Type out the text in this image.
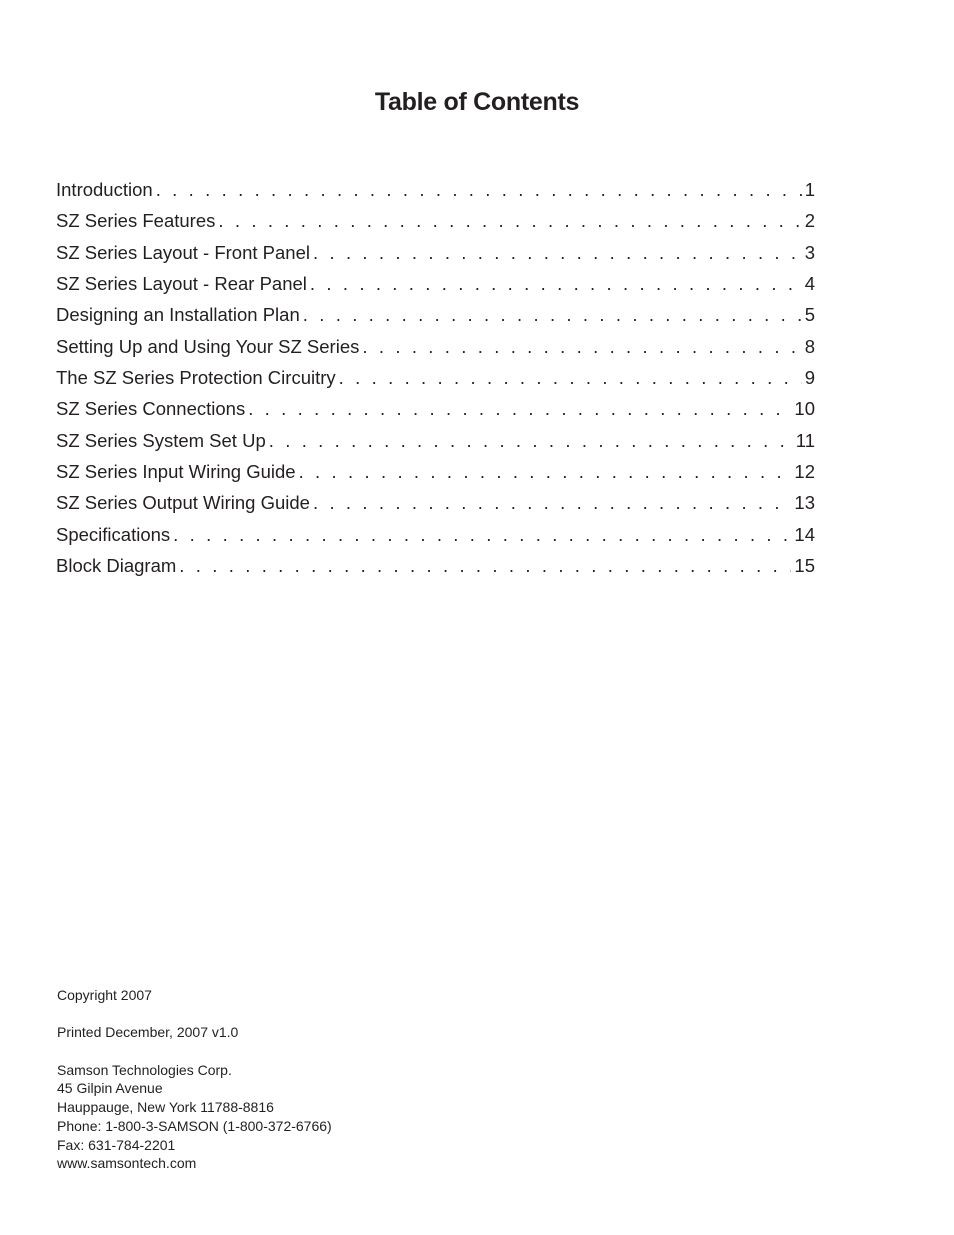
Table of Contents
Introduction . . .	1
SZ Series Features . . .	2
SZ Series Layout - Front Panel . . .	3
SZ Series Layout - Rear Panel . . .	4
Designing an Installation Plan . . .	5
Setting Up and Using Your SZ Series . . .	8
The SZ Series Protection Circuitry . . .	9
SZ Series Connections . . .	10
SZ Series System Set Up . . .	11
SZ Series Input Wiring Guide . . .	12
SZ Series Output Wiring Guide . . .	13
Specifications . . .	14
Block Diagram . . .	15

Copyright 2007

Printed December, 2007 v1.0

Samson Technologies Corp.

45 Gilpin Avenue

Hauppauge, New York 11788-8816

Phone: 1-800-3-SAMSON (1-800-372-6766)

Fax: 631-784-2201

www.samsontech.com
